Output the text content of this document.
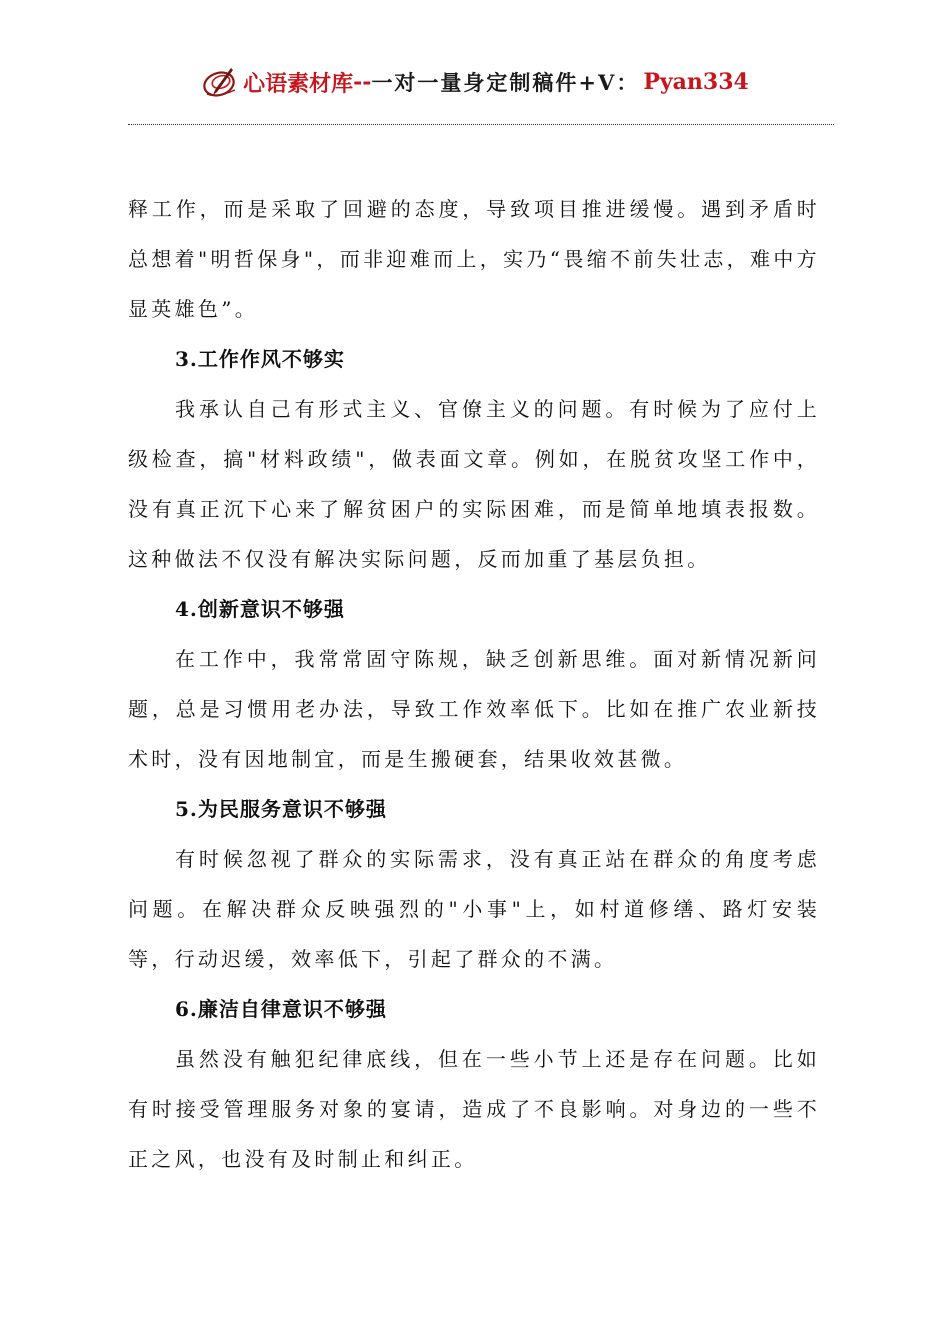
心语素材库 -- 一对一量身定制稿件+V： Pyan334

释工作，而是采取了回避的态度，导致项目推进缓慢。遇到矛盾时总想着"明哲保身"，而非迎难而上，实乃“畏缩不前失壮志，难中方显英雄色”。

3.工作作风不够实

我承认自己有形式主义、官僚主义的问题。有时候为了应付上级检查，搞"材料政绩"，做表面文章。例如，在脱贫攻坚工作中，没有真正沉下心来了解贫困户的实际困难，而是简单地填表报数。这种做法不仅没有解决实际问题，反而加重了基层负担。

4.创新意识不够强

在工作中，我常常固守陈规，缺乏创新思维。面对新情况新问题，总是习惯用老办法，导致工作效率低下。比如在推广农业新技术时，没有因地制宜，而是生搬硬套，结果收效甚微。

5.为民服务意识不够强

有时候忽视了群众的实际需求，没有真正站在群众的角度考虑问题。在解决群众反映强烈的"小事"上，如村道修缮、路灯安装等，行动迟缓，效率低下，引起了群众的不满。

6.廉洁自律意识不够强

虽然没有触犯纪律底线，但在一些小节上还是存在问题。比如有时接受管理服务对象的宴请，造成了不良影响。对身边的一些不正之风，也没有及时制止和纠正。
